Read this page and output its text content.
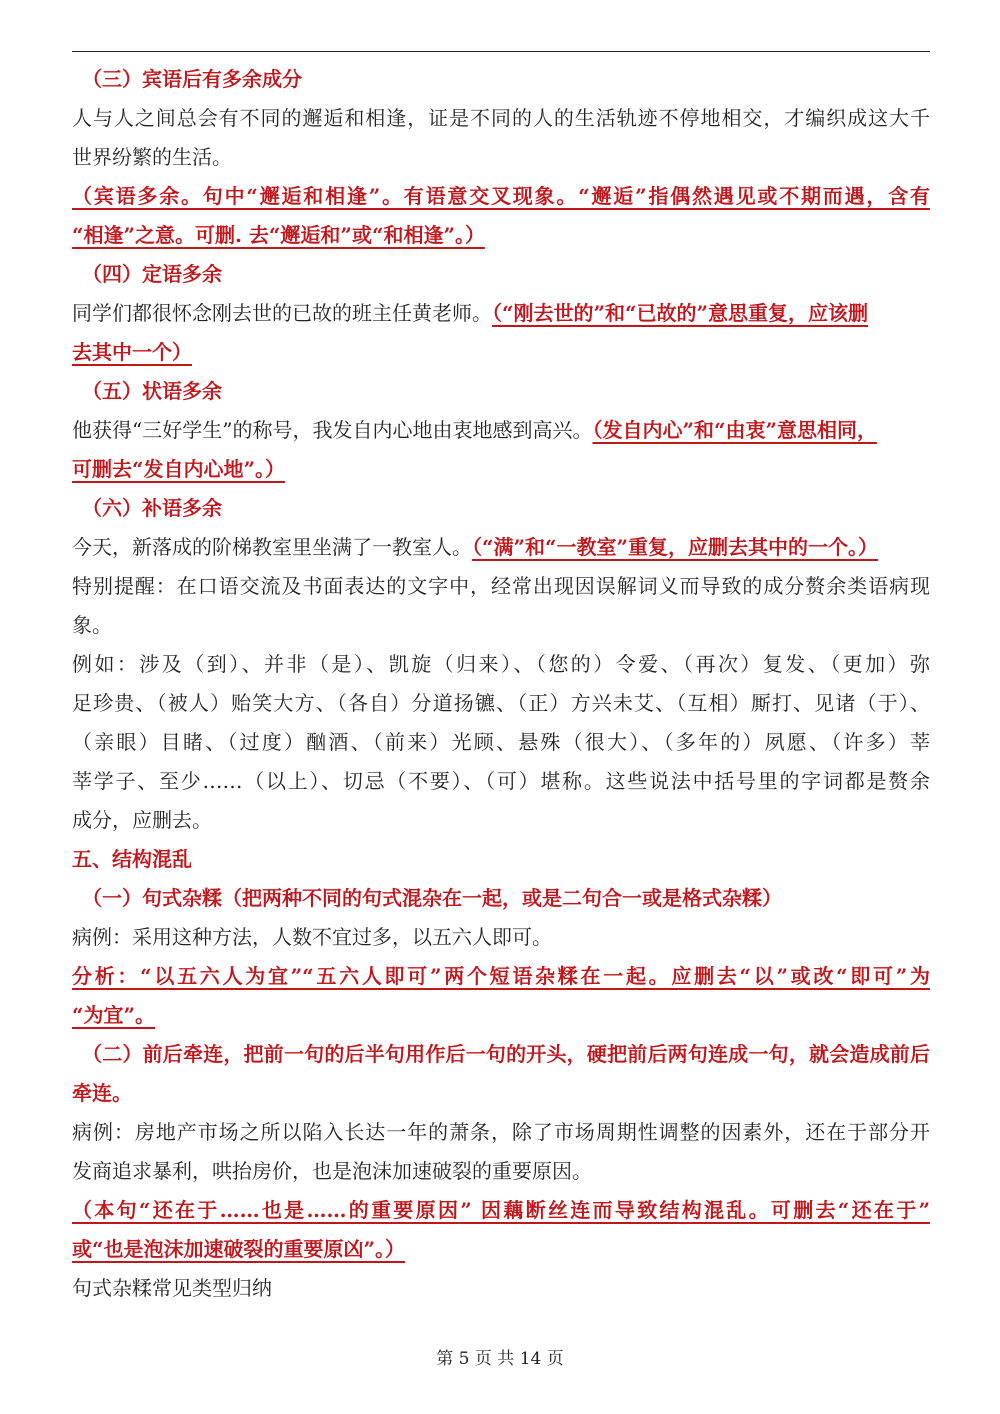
（三）宾语后有多余成分
人与人之间总会有不同的邂逅和相逢，证是不同的人的生活轨迹不停地相交，才编织成这大千
世界纷繁的生活。
（宾语多余。句中“邂逅和相逢”。有语意交叉现象。“邂逅”指偶然遇见或不期而遇，含有
“相逢”之意。可删. 去“邂逅和”或“和相逢”。）
（四）定语多余
同学们都很怀念刚去世的已故的班主任黄老师。（“刚去世的”和“已故的”意思重复，应该删
去其中一个）
（五）状语多余
他获得“三好学生”的称号，我发自内心地由衷地感到高兴。（发自内心”和“由衷”意思相同，
可删去“发自内心地”。）
（六）补语多余
今天，新落成的阶梯教室里坐满了一教室人。（“满”和“一教室”重复，应删去其中的一个。）
特别提醒：在口语交流及书面表达的文字中，经常出现因误解词义而导致的成分赘余类语病现
象。
例如：涉及（到）、并非（是）、凯旋（归来）、（您的）令爱、（再次）复发、（更加）弥
足珍贵、（被人）贻笑大方、（各自）分道扬镳、（正）方兴未艾、（互相）厮打、见诸（于）、
（亲眼）目睹、（过度）酗酒、（前来）光顾、悬殊（很大）、（多年的）夙愿、（许多）莘
莘学子、至少……（以上）、切忌（不要）、（可）堪称。这些说法中括号里的字词都是赘余
成分，应删去。
五、结构混乱
（一）句式杂糅（把两种不同的句式混杂在一起，或是二句合一或是格式杂糅）
病例：采用这种方法，人数不宜过多，以五六人即可。
分析：“以五六人为宜”“五六人即可”两个短语杂糅在一起。应删去“以”或改“即可”为
“为宜”。
（二）前后牵连，把前一句的后半句用作后一句的开头，硬把前后两句连成一句，就会造成前后
牵连。
病例：房地产市场之所以陷入长达一年的萧条，除了市场周期性调整的因素外，还在于部分开
发商追求暴利，哄抬房价，也是泡沫加速破裂的重要原因。
（本句“还在于……也是……的重要原因” 因藕断丝连而导致结构混乱。可删去“还在于”
或“也是泡沫加速破裂的重要原凶”。）
句式杂糅常见类型归纳
第 5 页 共 14 页
